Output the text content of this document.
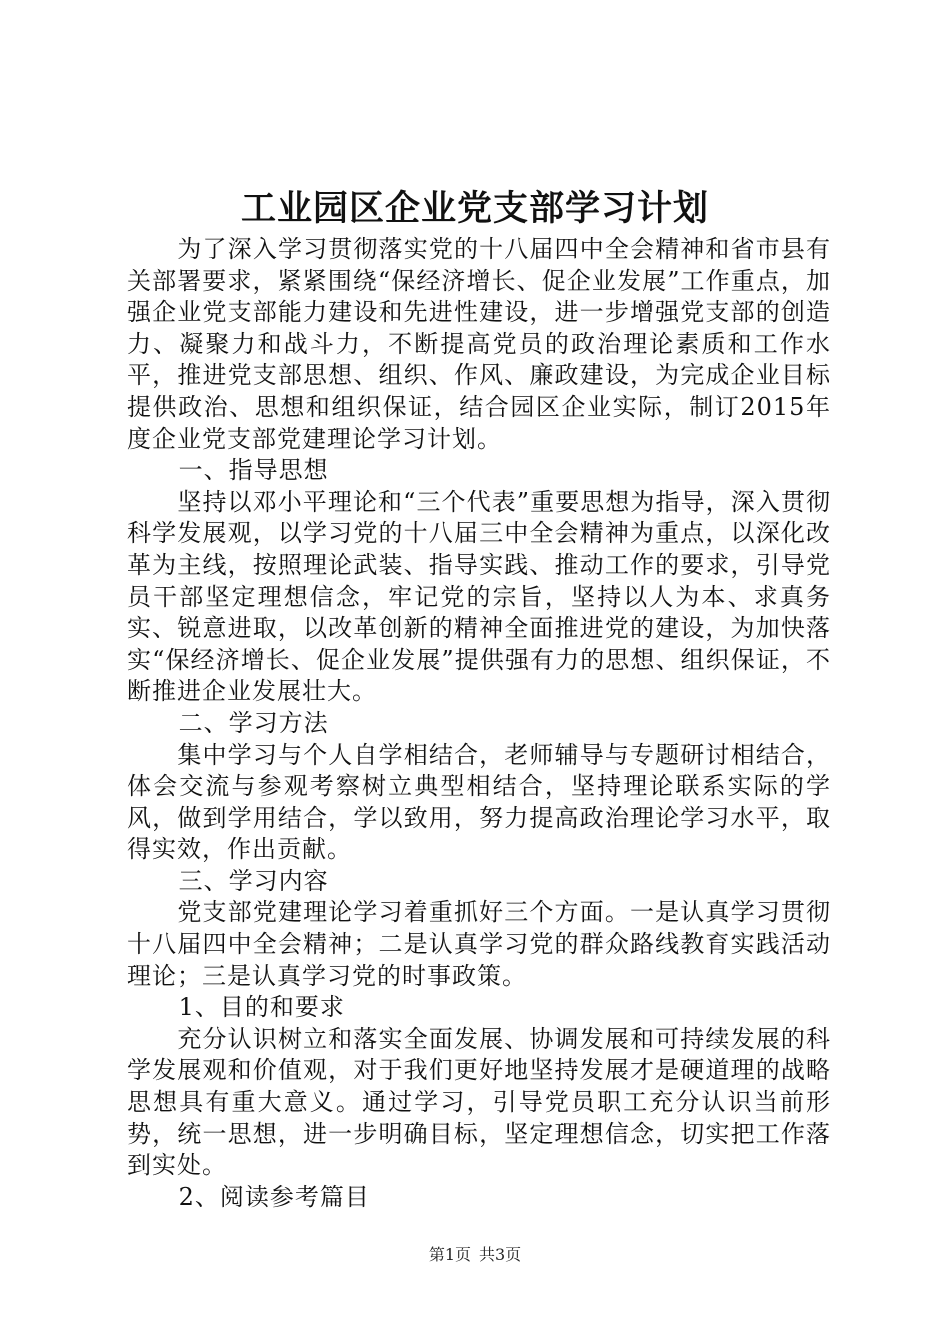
工业园区企业党支部学习计划

为了深入学习贯彻落实党的十八届四中全会精神和省市县有关部署要求，紧紧围绕“保经济增长、促企业发展”工作重点，加强企业党支部能力建设和先进性建设，进一步增强党支部的创造力、凝聚力和战斗力，不断提高党员的政治理论素质和工作水平，推进党支部思想、组织、作风、廉政建设，为完成企业目标提供政治、思想和组织保证，结合园区企业实际，制订2015年度企业党支部党建理论学习计划。

一、指导思想

坚持以邓小平理论和“三个代表”重要思想为指导，深入贯彻科学发展观，以学习党的十八届三中全会精神为重点，以深化改革为主线，按照理论武装、指导实践、推动工作的要求，引导党员干部坚定理想信念，牢记党的宗旨，坚持以人为本、求真务实、锐意进取，以改革创新的精神全面推进党的建设，为加快落实“保经济增长、促企业发展”提供强有力的思想、组织保证，不断推进企业发展壮大。

二、学习方法

集中学习与个人自学相结合，老师辅导与专题研讨相结合，体会交流与参观考察树立典型相结合，坚持理论联系实际的学风，做到学用结合，学以致用，努力提高政治理论学习水平，取得实效，作出贡献。

三、学习内容

党支部党建理论学习着重抓好三个方面。一是认真学习贯彻十八届四中全会精神；二是认真学习党的群众路线教育实践活动理论；三是认真学习党的时事政策。

1、目的和要求

充分认识树立和落实全面发展、协调发展和可持续发展的科学发展观和价值观，对于我们更好地坚持发展才是硬道理的战略思想具有重大意义。通过学习，引导党员职工充分认识当前形势，统一思想，进一步明确目标，坚定理想信念，切实把工作落到实处。

2、阅读参考篇目

第1页 共3页
